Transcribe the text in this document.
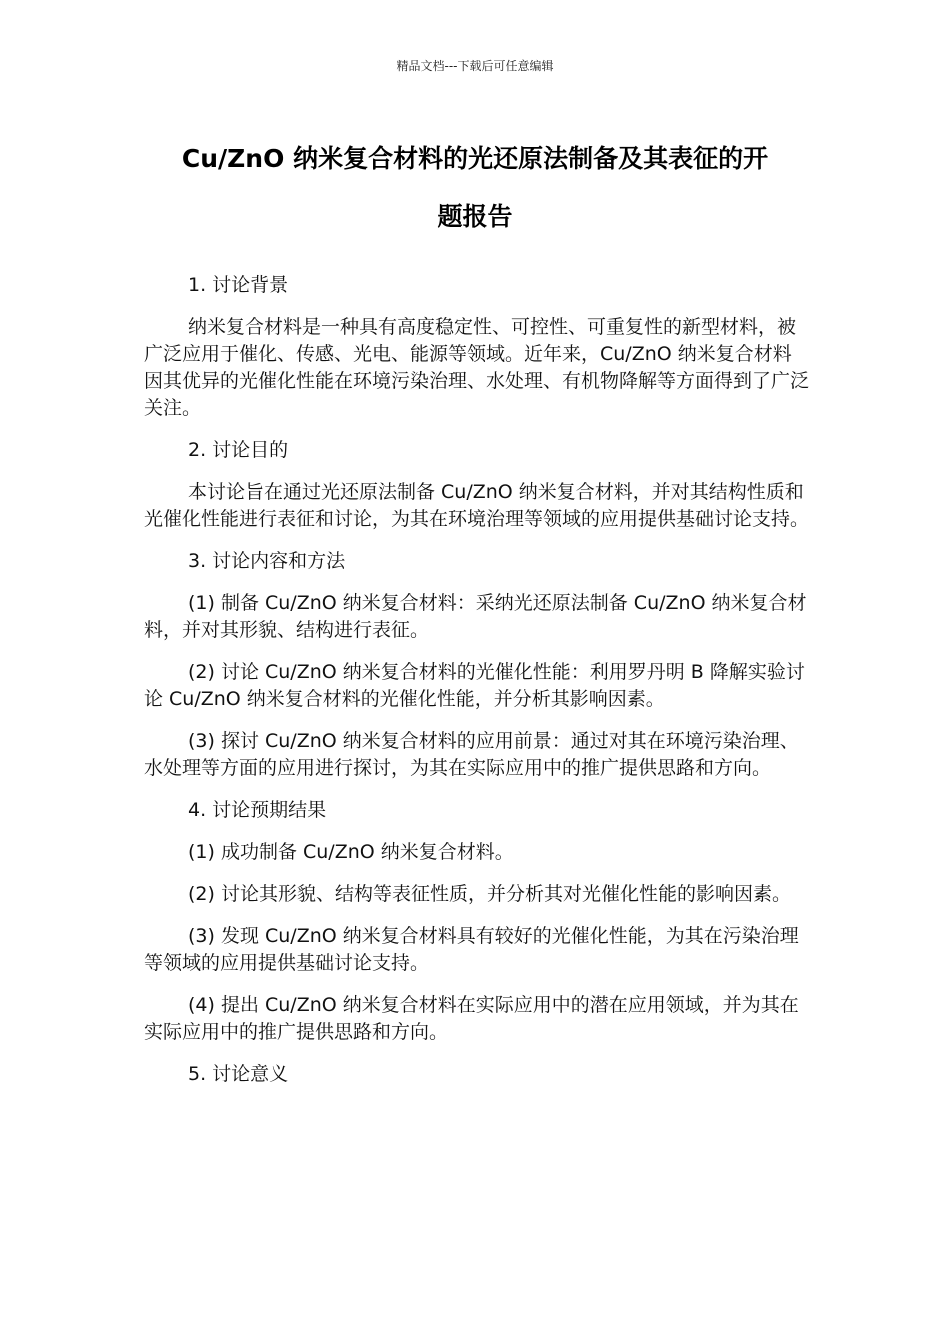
精品文档---下载后可任意编辑
Cu/ZnO 纳米复合材料的光还原法制备及其表征的开
题报告

1. 讨论背景

纳米复合材料是一种具有高度稳定性、可控性、可重复性的新型材料，被广泛应用于催化、传感、光电、能源等领域。近年来，Cu/ZnO 纳米复合材料因其优异的光催化性能在环境污染治理、水处理、有机物降解等方面得到了广泛关注。

2. 讨论目的

本讨论旨在通过光还原法制备 Cu/ZnO 纳米复合材料，并对其结构性质和光催化性能进行表征和讨论，为其在环境治理等领域的应用提供基础讨论支持。

3. 讨论内容和方法

(1) 制备 Cu/ZnO 纳米复合材料：采纳光还原法制备 Cu/ZnO 纳米复合材料，并对其形貌、结构进行表征。

(2) 讨论 Cu/ZnO 纳米复合材料的光催化性能：利用罗丹明 B 降解实验讨论 Cu/ZnO 纳米复合材料的光催化性能，并分析其影响因素。

(3) 探讨 Cu/ZnO 纳米复合材料的应用前景：通过对其在环境污染治理、水处理等方面的应用进行探讨，为其在实际应用中的推广提供思路和方向。

4. 讨论预期结果

(1) 成功制备 Cu/ZnO 纳米复合材料。

(2) 讨论其形貌、结构等表征性质，并分析其对光催化性能的影响因素。

(3) 发现 Cu/ZnO 纳米复合材料具有较好的光催化性能，为其在污染治理等领域的应用提供基础讨论支持。

(4) 提出 Cu/ZnO 纳米复合材料在实际应用中的潜在应用领域，并为其在实际应用中的推广提供思路和方向。

5. 讨论意义
